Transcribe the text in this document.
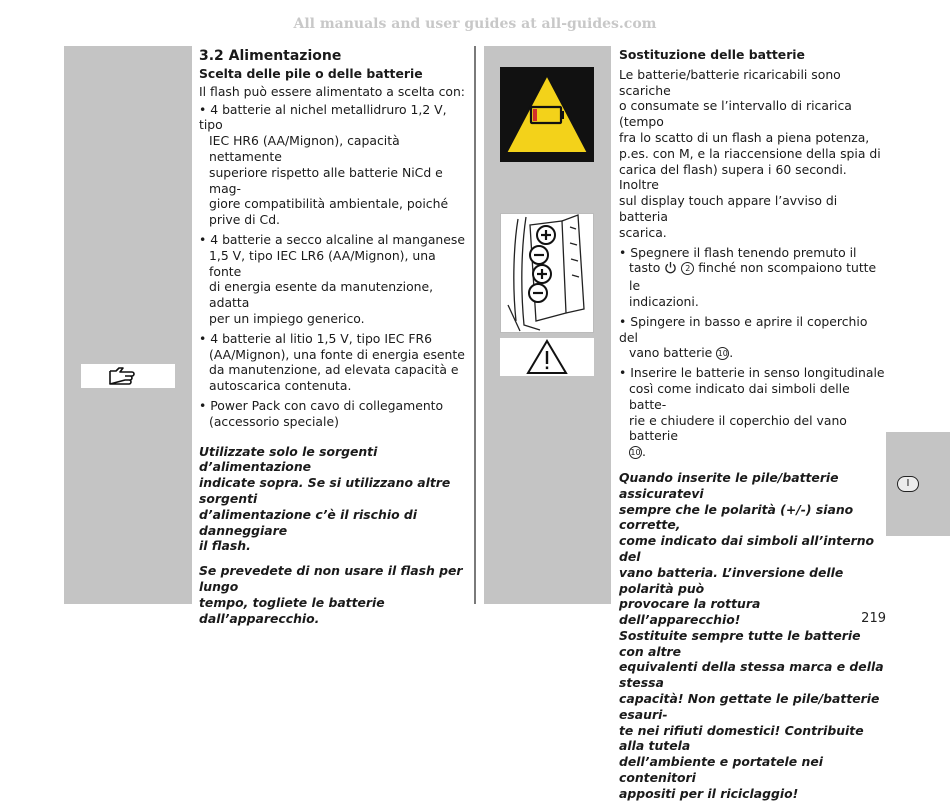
All manuals and user guides at all-guides.com

3.2 Alimentazione

Scelta delle pile o delle batterie

Il flash può essere alimentato a scelta con:

• 4 batterie al nichel metallidruro 1,2 V, tipo

IEC HR6 (AA/Mignon), capacità nettamente

superiore rispetto alle batterie NiCd e mag-

giore compatibilità ambientale, poiché

prive di Cd.

• 4 batterie a secco alcaline al manganese

1,5 V, tipo IEC LR6 (AA/Mignon), una fonte

di energia esente da manutenzione, adatta

per un impiego generico.

• 4 batterie al litio 1,5 V, tipo IEC FR6

(AA/Mignon), una fonte di energia esente

da manutenzione, ad elevata capacità e

autoscarica contenuta.

• Power Pack con cavo di collegamento

(accessorio speciale)

Utilizzate solo le sorgenti d’alimentazione

indicate sopra. Se si utilizzano altre sorgenti

d’alimentazione c’è il rischio di danneggiare

il flash.

Se prevedete di non usare il flash per lungo

tempo, togliete le batterie dall’apparecchio.

Sostituzione delle batterie

Le batterie/batterie ricaricabili sono scariche

o consumate se l’intervallo di ricarica (tempo

fra lo scatto di un flash a piena potenza,

p.es. con M, e la riaccensione della spia di

carica del flash) supera i 60 secondi. Inoltre

sul display touch appare l’avviso di batteria

scarica.

• Spegnere il flash tenendo premuto il

tasto	2 finché non scompaiono tutte le

indicazioni.

• Spingere in basso e aprire il coperchio del

vano batterie 10.

• Inserire le batterie in senso longitudinale

così come indicato dai simboli delle batte-

rie e chiudere il coperchio del vano batterie

10.

Quando inserite le pile/batterie assicuratevi

sempre che le polarità (+/-) siano corrette,

come indicato dai simboli all’interno del

vano batteria. L’inversione delle polarità può

provocare la rottura dell’apparecchio!

Sostituite sempre tutte le batterie con altre

equivalenti della stessa marca e della stessa

capacità! Non gettate le pile/batterie esauri-

te nei rifiuti domestici! Contribuite alla tutela

dell’ambiente e portatele nei contenitori

appositi per il riciclaggio!

I
219
